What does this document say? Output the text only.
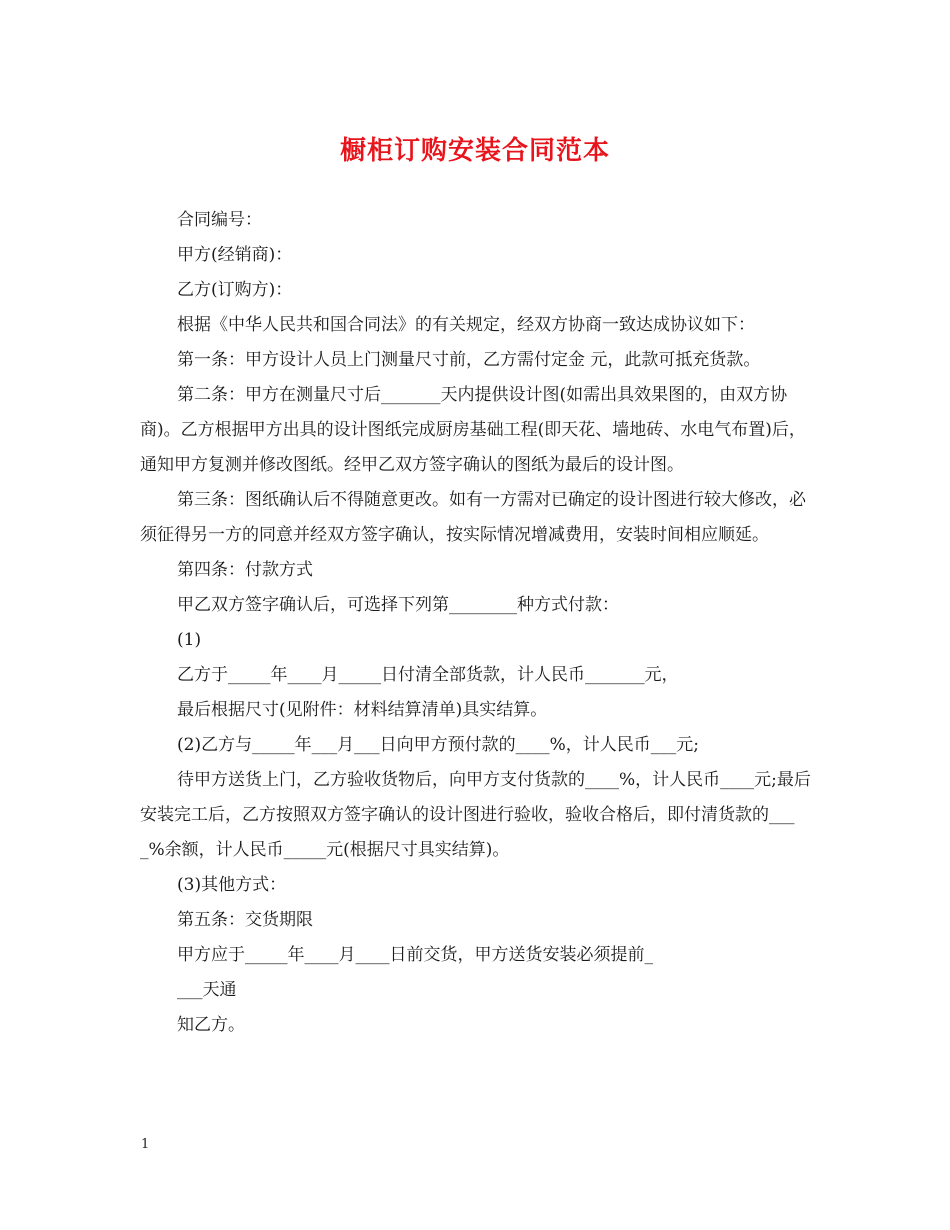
橱柜订购安装合同范本

合同编号：

甲方(经销商)：

乙方(订购方)：

根据《中华人民共和国合同法》的有关规定，经双方协商一致达成协议如下：

第一条：甲方设计人员上门测量尺寸前，乙方需付定金 元，此款可抵充货款。

第二条：甲方在测量尺寸后_______天内提供设计图(如需出具效果图的，由双方协商)。乙方根据甲方出具的设计图纸完成厨房基础工程(即天花、墙地砖、水电气布置)后，通知甲方复测并修改图纸。经甲乙双方签字确认的图纸为最后的设计图。

第三条：图纸确认后不得随意更改。如有一方需对已确定的设计图进行较大修改，必须征得另一方的同意并经双方签字确认，按实际情况增减费用，安装时间相应顺延。

第四条：付款方式

甲乙双方签字确认后，可选择下列第________种方式付款：

(1)

乙方于_____年____月_____日付清全部货款，计人民币_______元，

最后根据尺寸(见附件：材料结算清单)具实结算。

(2)乙方与_____年___月___日向甲方预付款的____%，计人民币___元;

待甲方送货上门，乙方验收货物后，向甲方支付货款的____%，计人民币____元;最后安装完工后，乙方按照双方签字确认的设计图进行验收，验收合格后，即付清货款的____%余额，计人民币_____元(根据尺寸具实结算)。

(3)其他方式：

第五条：交货期限

甲方应于_____年____月____日前交货，甲方送货安装必须提前_

___天通

知乙方。

1
